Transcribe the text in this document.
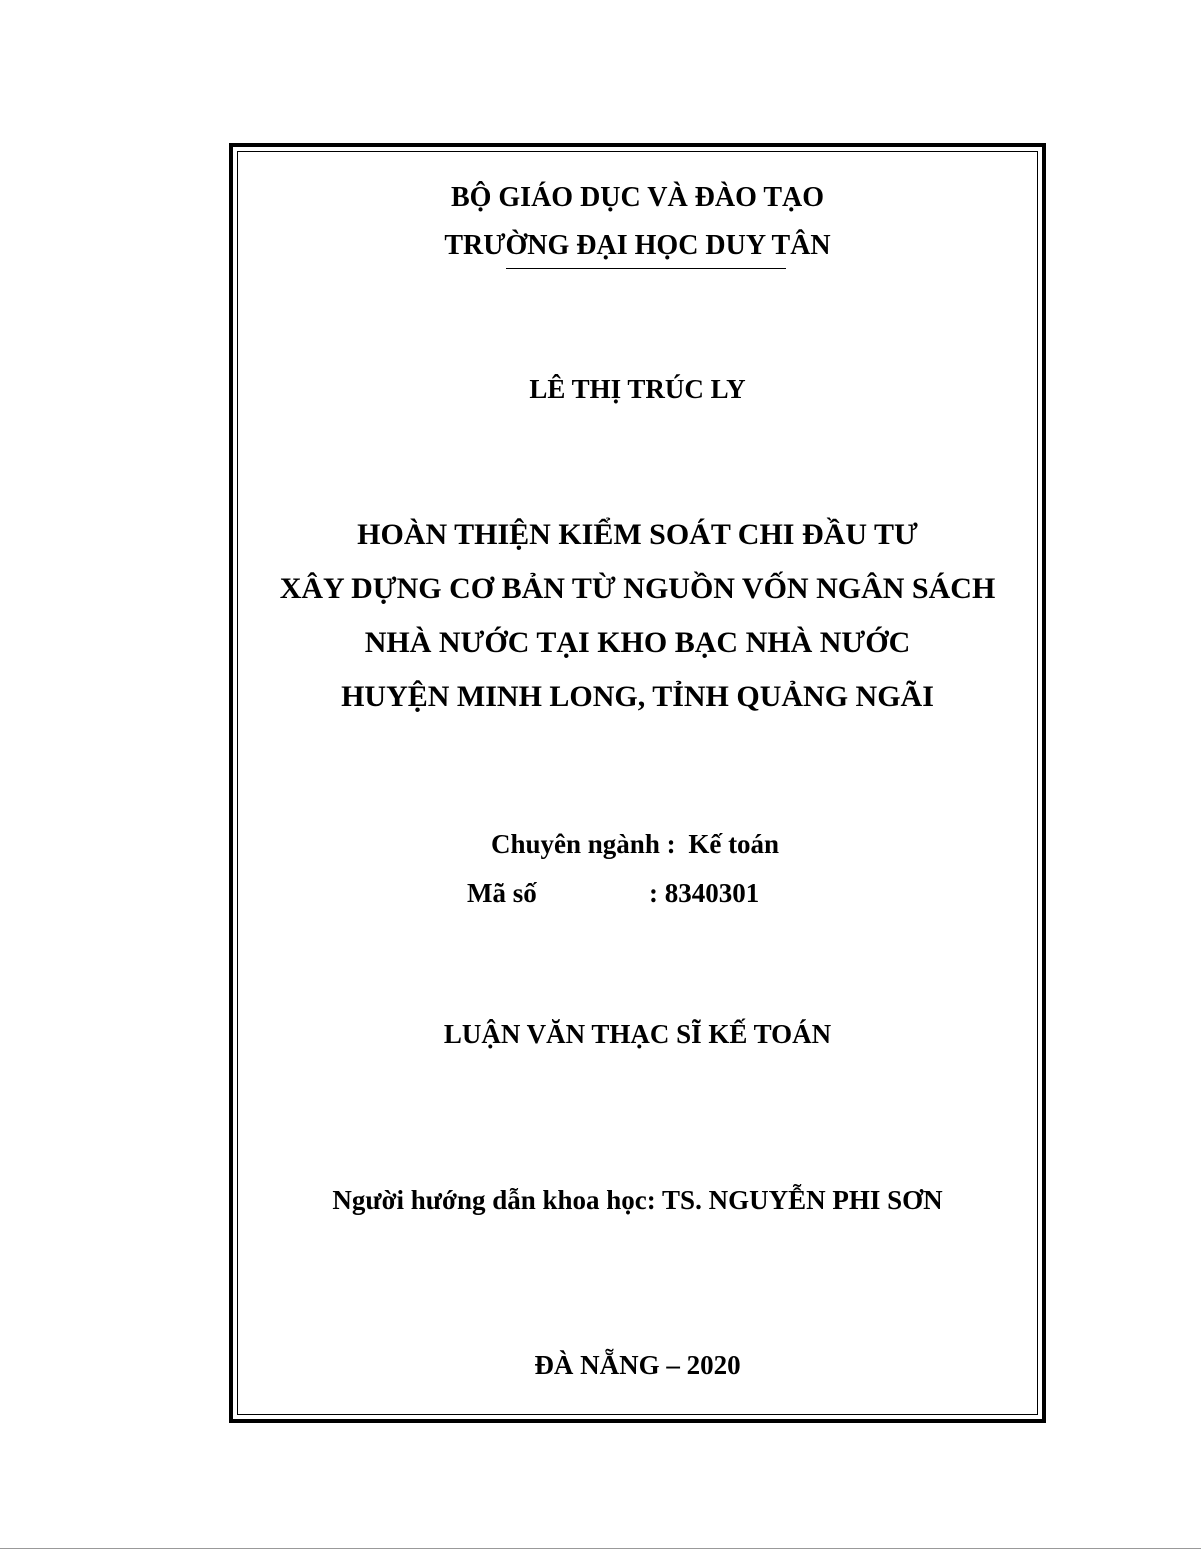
BỘ GIÁO DỤC VÀ ĐÀO TẠO
TRƯỜNG ĐẠI HỌC DUY TÂN
LÊ THỊ TRÚC LY
HOÀN THIỆN KIỂM SOÁT CHI ĐẦU TƯ
XÂY DỰNG CƠ BẢN TỪ NGUỒN VỐN NGÂN SÁCH
NHÀ NƯỚC TẠI KHO BẠC NHÀ NƯỚC
HUYỆN MINH LONG, TỈNH QUẢNG NGÃI
Chuyên ngành : Kế toán
Mã số	: 8340301
LUẬN VĂN THẠC SĨ KẾ TOÁN
Người hướng dẫn khoa học: TS. NGUYỄN PHI SƠN
ĐÀ NẴNG – 2020
